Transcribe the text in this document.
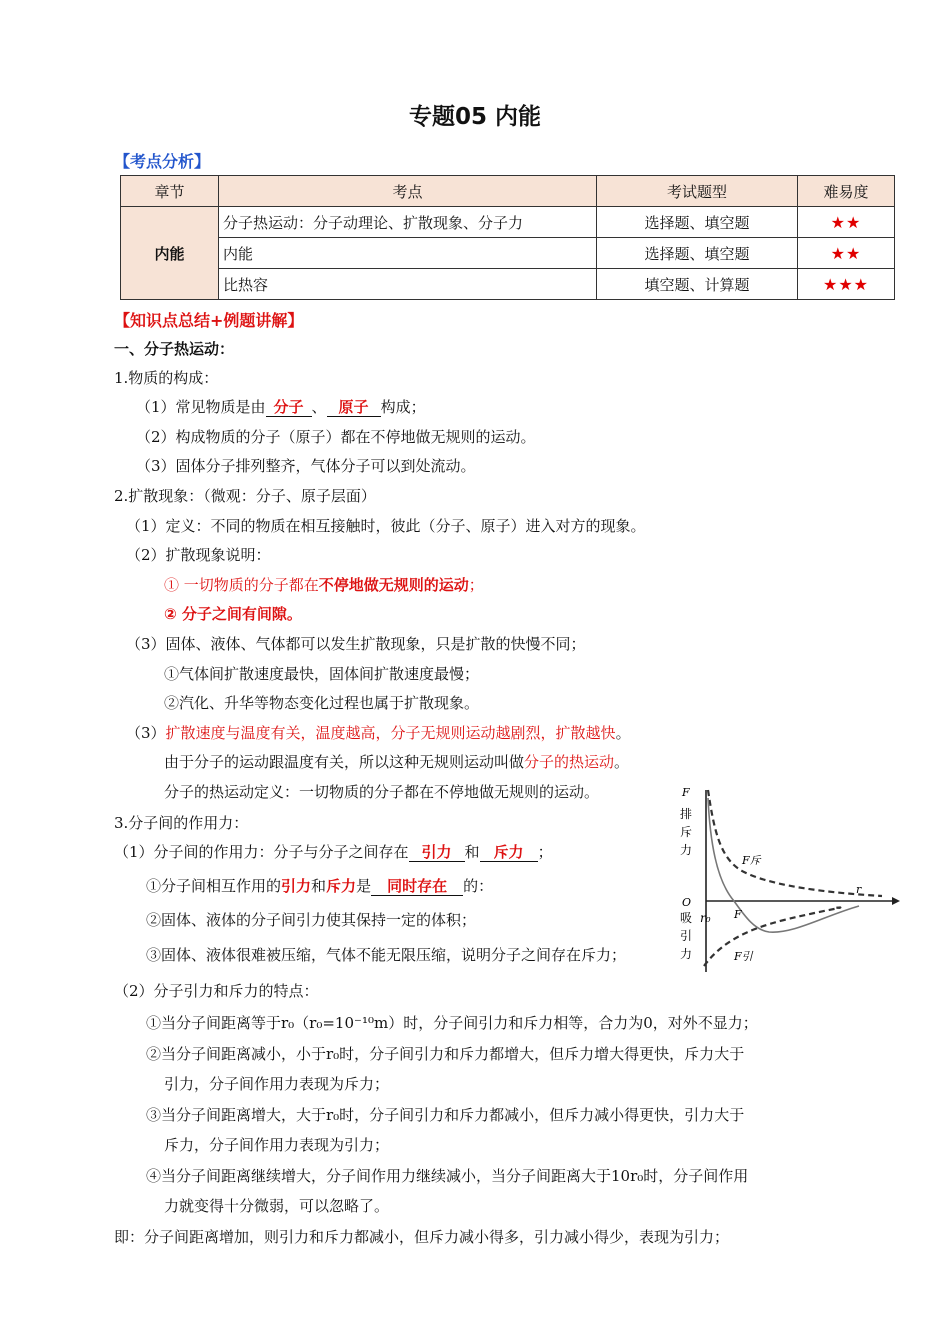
专题05 内能
【考点分析】
章节	考点	考试题型	难易度
内能	分子热运动：分子动理论、扩散现象、分子力	选择题、填空题	★★
	内能	选择题、填空题	★★
	比热容	填空题、计算题	★★★
【知识点总结+例题讲解】
一、分子热运动：
1.物质的构成：
（1）常见物质是由 分子 、 原子 构成；
（2）构成物质的分子（原子）都在不停地做无规则的运动。
（3）固体分子排列整齐，气体分子可以到处流动。
2.扩散现象：（微观：分子、原子层面）
（1）定义：不同的物质在相互接触时，彼此（分子、原子）进入对方的现象。
（2）扩散现象说明：
① 一切物质的分子都在不停地做无规则的运动；
② 分子之间有间隙。
（3）固体、液体、气体都可以发生扩散现象，只是扩散的快慢不同；
①气体间扩散速度最快，固体间扩散速度最慢；
②汽化、升华等物态变化过程也属于扩散现象。
（3）扩散速度与温度有关，温度越高，分子无规则运动越剧烈，扩散越快。
由于分子的运动跟温度有关，所以这种无规则运动叫做分子的热运动。
分子的热运动定义：一切物质的分子都在不停地做无规则的运动。
3.分子间的作用力：
（1）分子间的作用力：分子与分子之间存在 引力 和 斥力 ；
①分子间相互作用的引力和斥力是 同时存在 的：
②固体、液体的分子间引力使其保持一定的体积；
③固体、液体很难被压缩，气体不能无限压缩，说明分子之间存在斥力；
（2）分子引力和斥力的特点：
①当分子间距离等于r₀（r₀=10⁻¹⁰m）时，分子间引力和斥力相等，合力为0，对外不显力；
②当分子间距离减小，小于r₀时，分子间引力和斥力都增大，但斥力增大得更快，斥力大于
引力，分子间作用力表现为斥力；
③当分子间距离增大，大于r₀时，分子间引力和斥力都减小，但斥力减小得更快，引力大于
斥力，分子间作用力表现为引力；
④当分子间距离继续增大，分子间作用力继续减小，当分子间距离大于10r₀时，分子间作用
力就变得十分微弱，可以忽略了。
即：分子间距离增加，则引力和斥力都减小，但斥力减小得多，引力减小得少，表现为引力；
F
排
斥
力
O
r₀
吸
引
力
F斥
F引
F
r
